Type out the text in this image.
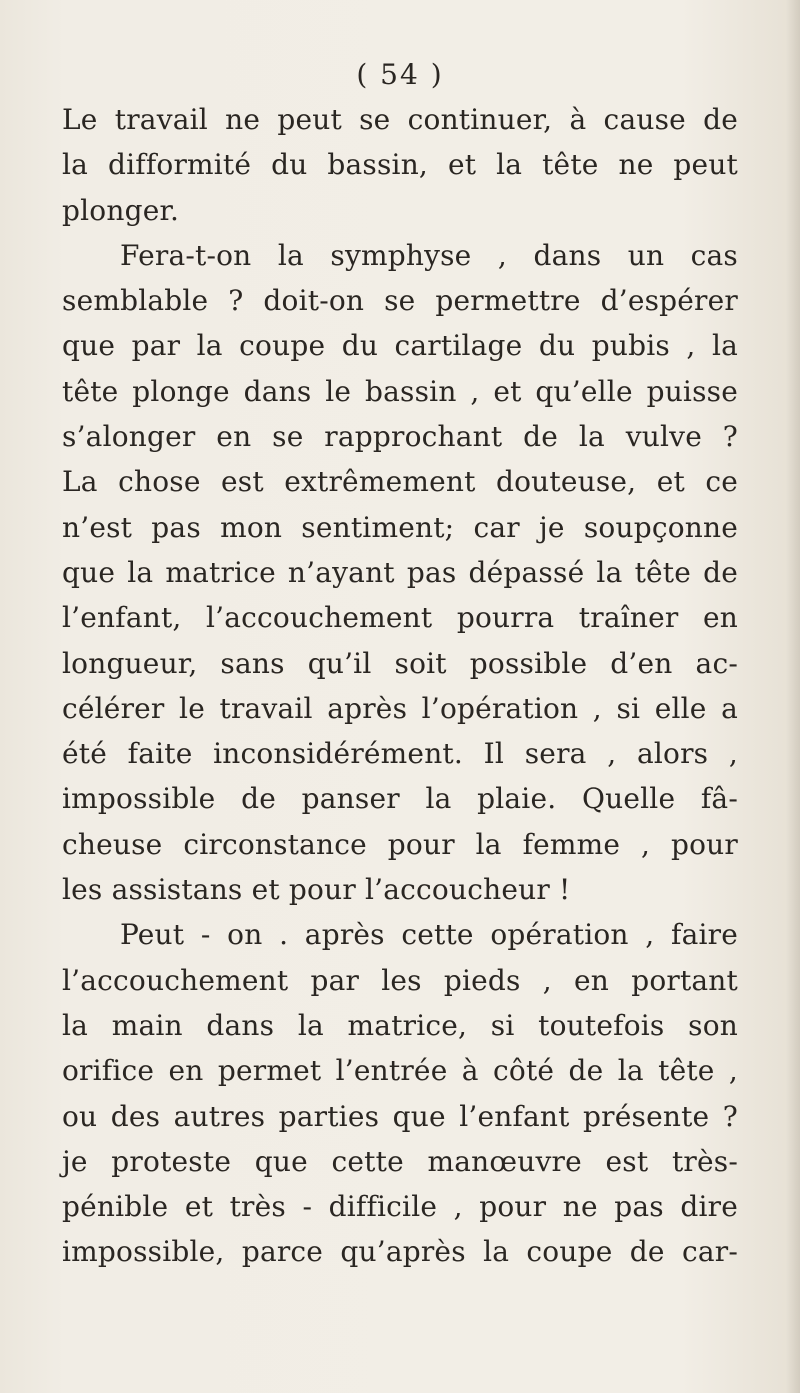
( 54 )
Le travail ne peut se continuer, à cause de
la difformité du bassin, et la tête ne peut
plonger.
Fera-t-on la symphyse , dans un cas
semblable ? doit-on se permettre d’espérer
que par la coupe du cartilage du pubis , la
tête plonge dans le bassin , et qu’elle puisse
s’alonger en se rapprochant de la vulve ?
La chose est extrêmement douteuse, et ce
n’est pas mon sentiment; car je soupçonne
que la matrice n’ayant pas dépassé la tête de
l’enfant, l’accouchement pourra traîner en
longueur, sans qu’il soit possible d’en ac-
célérer le travail après l’opération , si elle a
été faite inconsidérément. Il sera , alors ,
impossible de panser la plaie. Quelle fâ-
cheuse circonstance pour la femme , pour
les assistans et pour l’accoucheur !
Peut - on . après cette opération , faire
l’accouchement par les pieds , en portant
la main dans la matrice, si toutefois son
orifice en permet l’entrée à côté de la tête ,
ou des autres parties que l’enfant présente ?
je proteste que cette manœuvre est très-
pénible et très - difficile , pour ne pas dire
impossible, parce qu’après la coupe de car-
